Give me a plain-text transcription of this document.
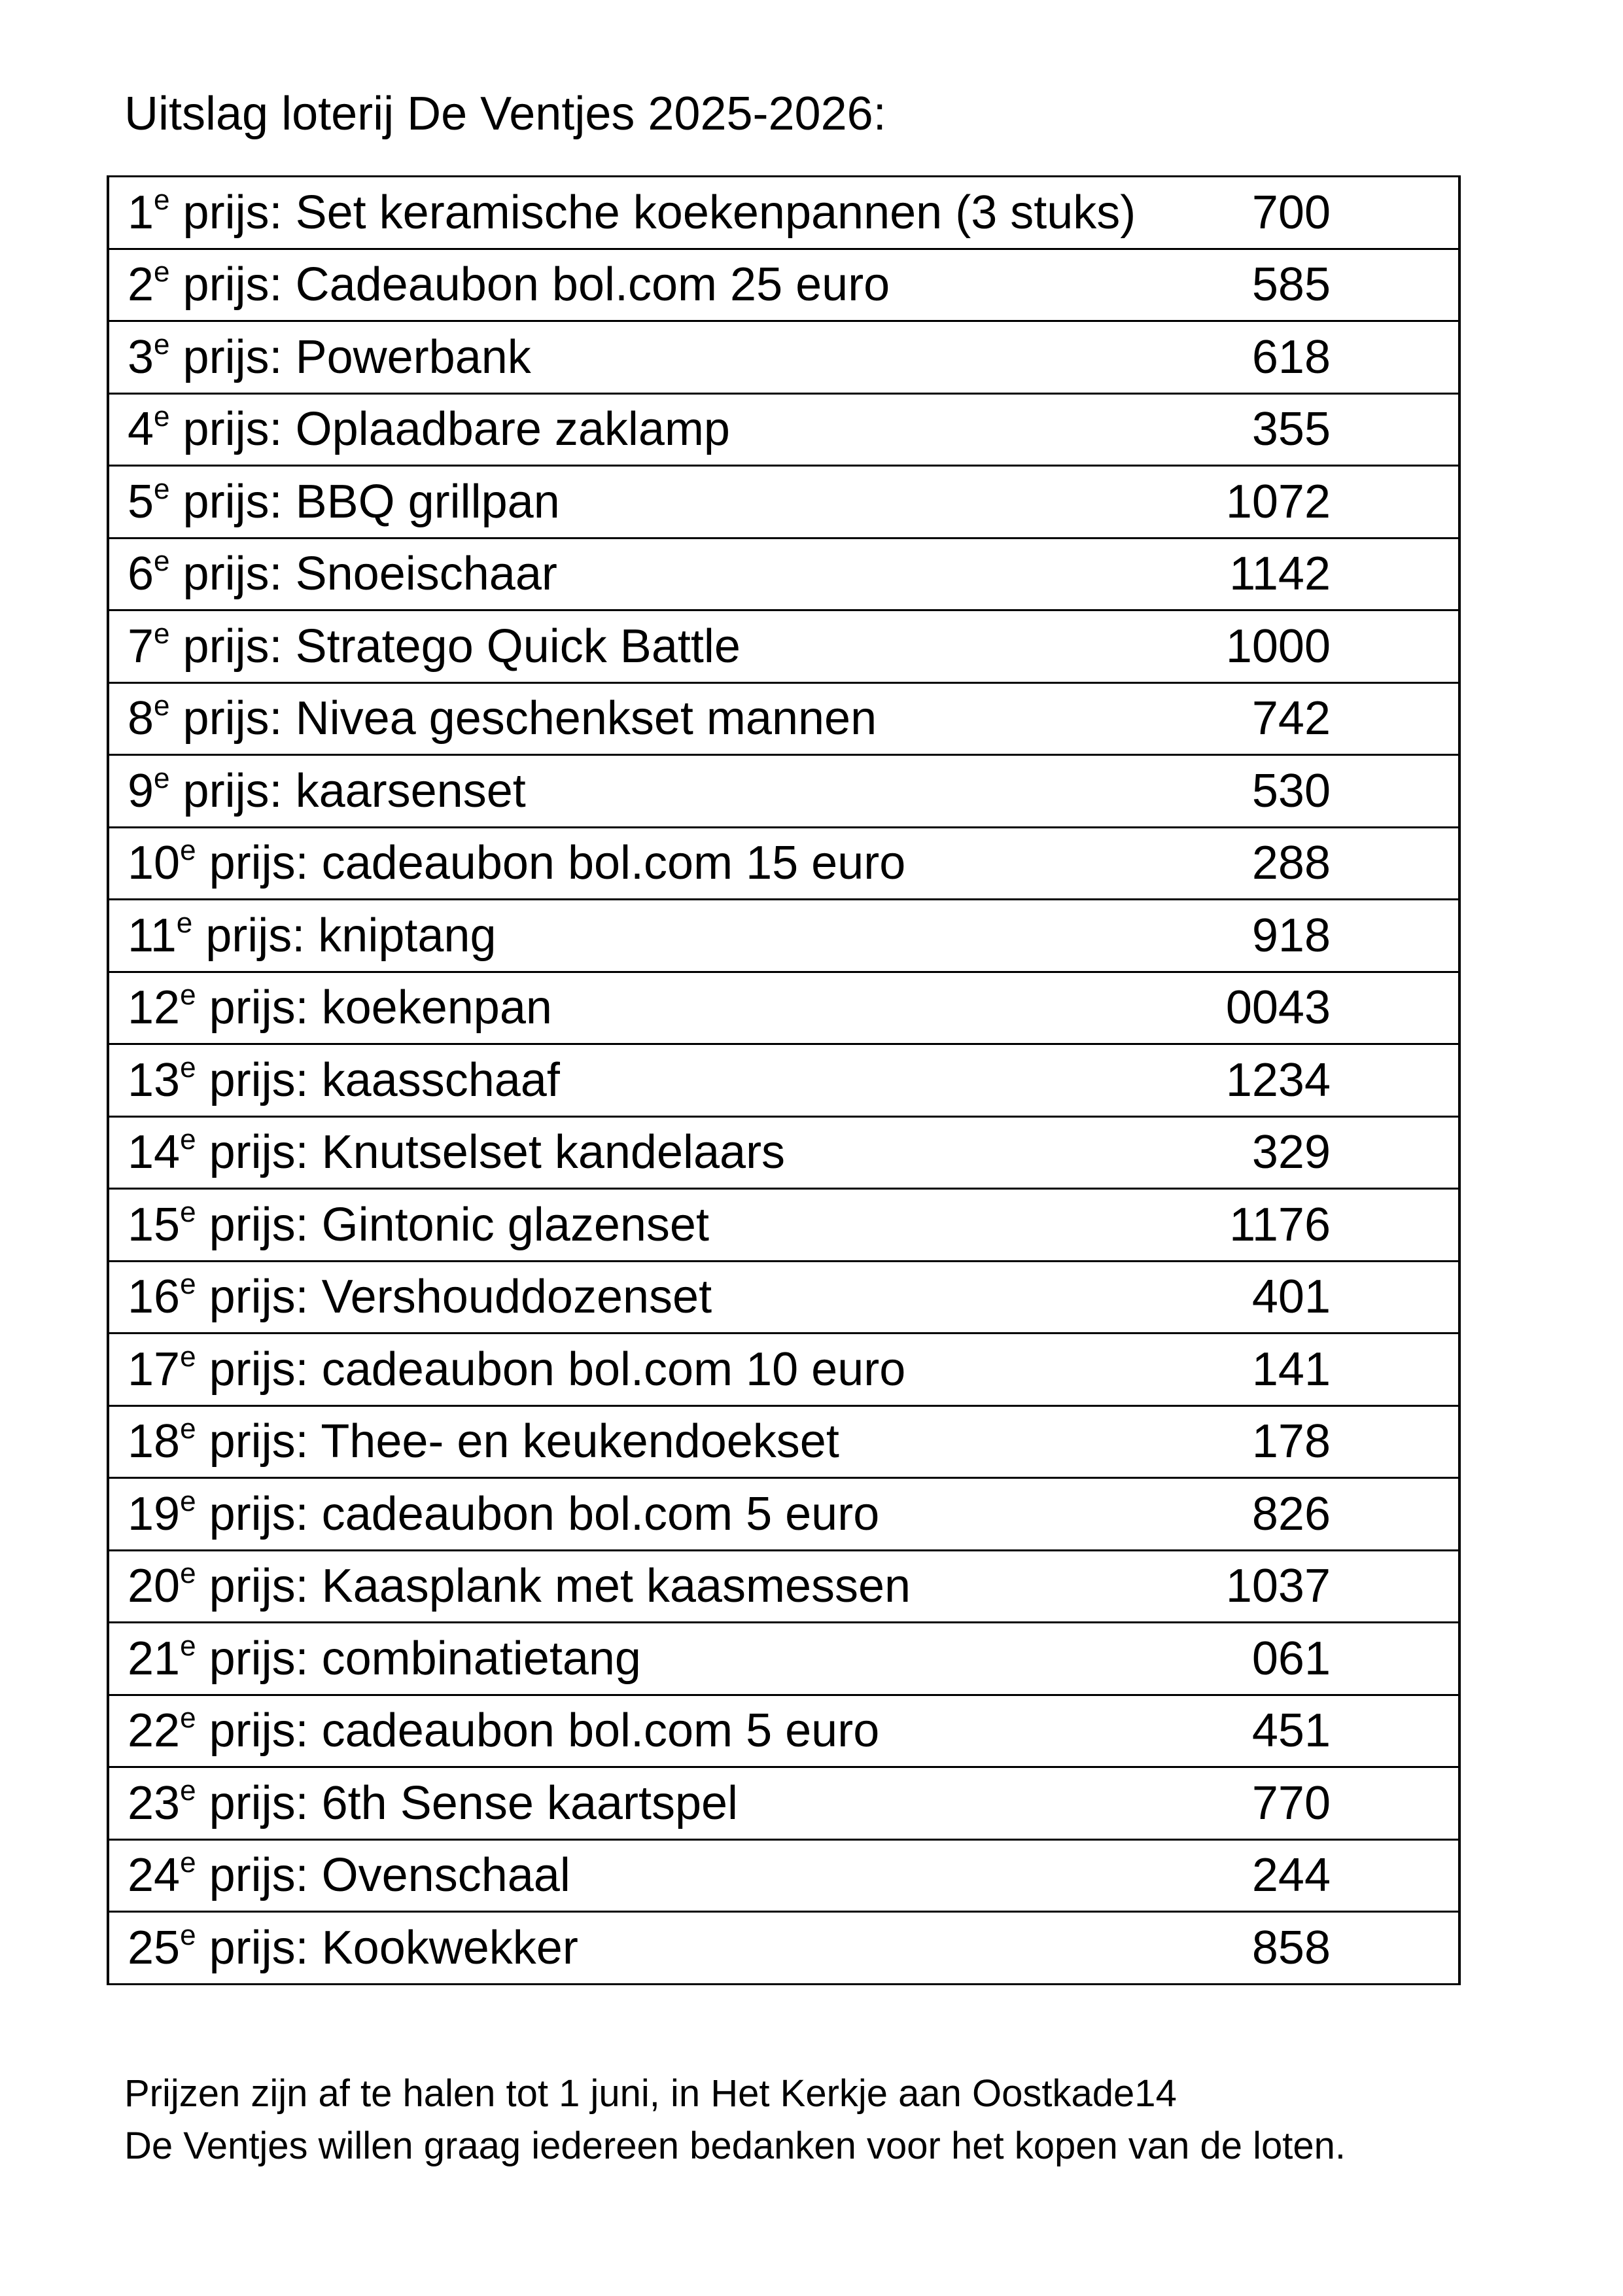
Uitslag loterij De Ventjes 2025-2026:
1e prijs: Set keramische koekenpannen (3 stuks)	700
2e prijs: Cadeaubon bol.com 25 euro	585
3e prijs: Powerbank	618
4e prijs: Oplaadbare zaklamp	355
5e prijs: BBQ grillpan	1072
6e prijs: Snoeischaar	1142
7e prijs: Stratego Quick Battle	1000
8e prijs: Nivea geschenkset mannen	742
9e prijs: kaarsenset	530
10e prijs: cadeaubon bol.com 15 euro	288
11e prijs: kniptang	918
12e prijs: koekenpan	0043
13e prijs: kaasschaaf	1234
14e prijs: Knutselset kandelaars	329
15e prijs: Gintonic glazenset	1176
16e prijs: Vershouddozenset	401
17e prijs: cadeaubon bol.com 10 euro	141
18e prijs: Thee- en keukendoekset	178
19e prijs: cadeaubon bol.com 5 euro	826
20e prijs: Kaasplank met kaasmessen	1037
21e prijs: combinatietang	061
22e prijs: cadeaubon bol.com 5 euro	451
23e prijs: 6th Sense kaartspel	770
24e prijs: Ovenschaal	244
25e prijs: Kookwekker	858

Prijzen zijn af te halen tot 1 juni, in Het Kerkje aan Oostkade14

De Ventjes willen graag iedereen bedanken voor het kopen van de loten.
